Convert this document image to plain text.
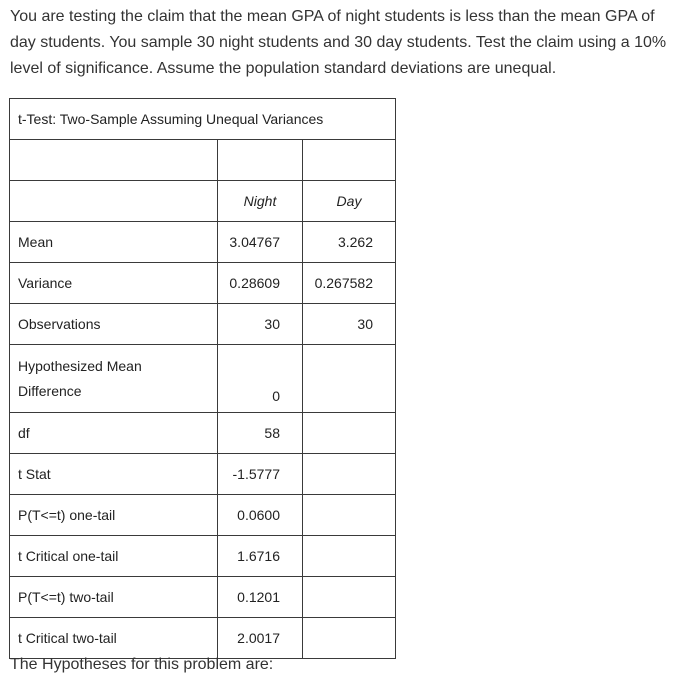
You are testing the claim that the mean GPA of night students is less than the mean GPA of day students. You sample 30 night students and 30 day students. Test the claim using a 10% level of significance. Assume the population standard deviations are unequal.

t-Test: Two-Sample Assuming Unequal Variances		

	Night	Day
Mean	3.04767	3.262
Variance	0.28609	0.267582
Observations	30	30
Hypothesized Mean Difference	0	
df	58	
t Stat	-1.5777	
P(T<=t) one-tail	0.0600	
t Critical one-tail	1.6716	
P(T<=t) two-tail	0.1201	
t Critical two-tail	2.0017	

The Hypotheses for this problem are:
